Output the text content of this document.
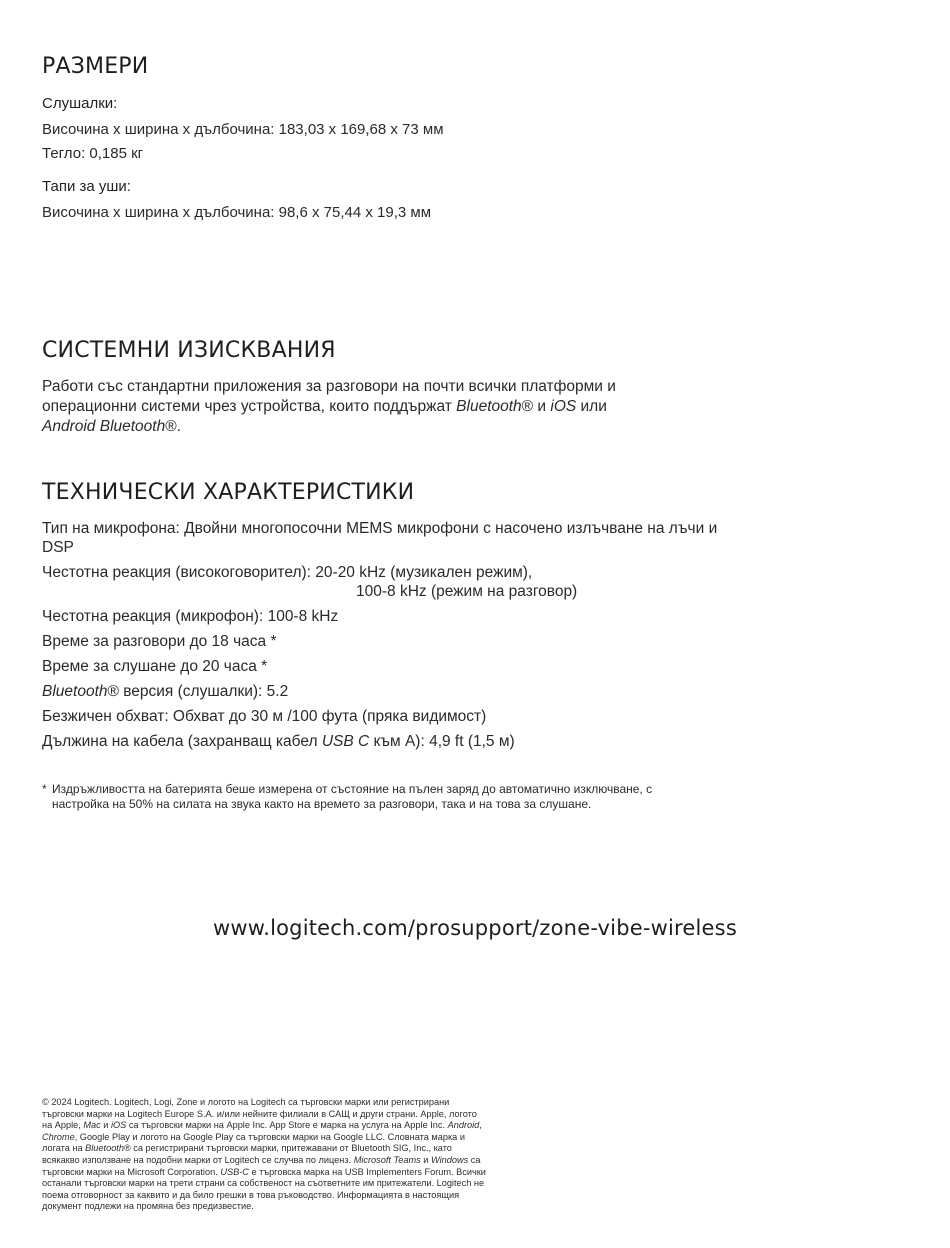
РАЗМЕРИ

Слушалки:

Височина х ширина х дълбочина: 183,03 х 169,68 х 73 мм

Тегло: 0,185 кг

Тапи за уши:

Височина х ширина х дълбочина: 98,6 х 75,44 х 19,3 мм

СИСТЕМНИ ИЗИСКВАНИЯ

Работи със стандартни приложения за разговори на почти всички платформи и операционни системи чрез устройства, които поддържат Bluetooth® и iOS или Android Bluetooth®.

ТЕХНИЧЕСКИ ХАРАКТЕРИСТИКИ
Тип на микрофона: Двойни многопосочни MEMS микрофони с насочено излъчване на лъчи и DSP
Честотна реакция (високоговорител): 20-20 kHz (музикален режим),
100-8 kHz (режим на разговор)
Честотна реакция (микрофон): 100-8 kHz
Време за разговори до 18 часа *
Време за слушане до 20 часа *
Bluetooth® версия (слушалки): 5.2
Безжичен обхват: Обхват до 30 м /100 фута (пряка видимост)
Дължина на кабела (захранващ кабел USB C към A): 4,9 ft (1,5 м)
* Издръжливостта на батерията беше измерена от състояние на пълен заряд до автоматично изключване, с настройка на 50% на силата на звука както на времето за разговори, така и на това за слушане.
www.logitech.com/prosupport/zone-vibe-wireless
© 2024 Logitech. Logitech, Logi, Zone и логото на Logitech са търговски марки или регистрирани търговски марки на Logitech Europe S.A. и/или нейните филиали в САЩ и други страни. Apple, логото на Apple, Mac и iOS са търговски марки на Apple Inc. App Store е марка на услуга на Apple Inc. Android, Chrome, Google Play и логото на Google Play са търговски марки на Google LLC. Словната марка и логата на Bluetooth® са регистрирани търговски марки, притежавани от Bluetooth SIG, Inc., като всякакво използване на подобни марки от Logitech се случва по лиценз. Microsoft Teams и Windows са търговски марки на Microsoft Corporation. USB-C е търговска марка на USB Implementers Forum. Всички останали търговски марки на трети страни са собственост на съответните им притежатели. Logitech не поема отговорност за каквито и да било грешки в това ръководство. Информацията в настоящия документ подлежи на промяна без предизвестие.
